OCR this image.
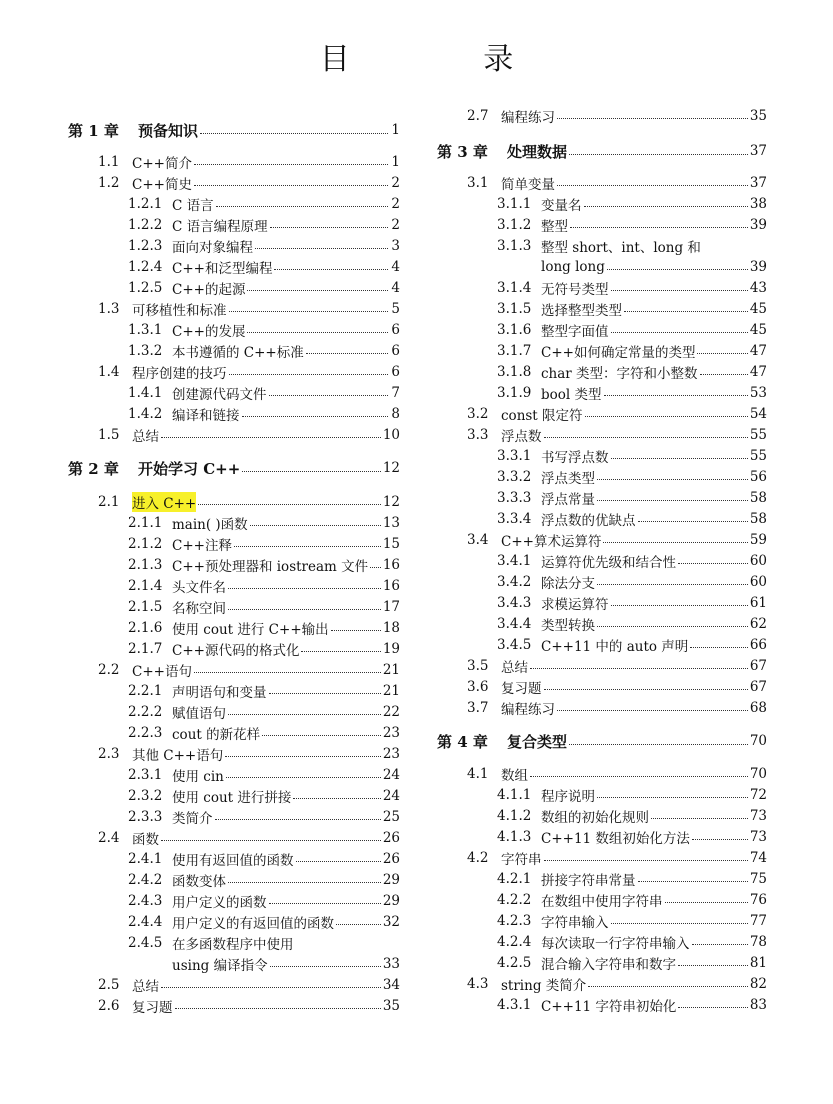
目 录
第 1 章	预备知识	1
1.1 C++简介	1
1.2 C++简史	2
1.2.1 C 语言	2
1.2.2 C 语言编程原理	2
1.2.3 面向对象编程	3
1.2.4 C++和泛型编程	4
1.2.5 C++的起源	4
1.3 可移植性和标准	5
1.3.1 C++的发展	6
1.3.2 本书遵循的 C++标准	6
1.4 程序创建的技巧	6
1.4.1 创建源代码文件	7
1.4.2 编译和链接	8
1.5 总结	10
第 2 章	开始学习 C++	12
2.1 进入 C++	12
2.1.1 main( )函数	13
2.1.2 C++注释	15
2.1.3 C++预处理器和 iostream 文件 16
2.1.4 头文件名	16
2.1.5 名称空间	17
2.1.6 使用 cout 进行 C++输出	18
2.1.7 C++源代码的格式化	19
2.2 C++语句	21
2.2.1 声明语句和变量	21
2.2.2 赋值语句	22
2.2.3 cout 的新花样	23
2.3 其他 C++语句	23
2.3.1 使用 cin	24
2.3.2 使用 cout 进行拼接	24
2.3.3 类简介	25
2.4 函数	26
2.4.1 使用有返回值的函数	26
2.4.2 函数变体	29
2.4.3 用户定义的函数	29
2.4.4 用户定义的有返回值的函数	32
2.4.5 在多函数程序中使用
using 编译指令	33
2.5 总结	34
2.6 复习题	35
2.7 编程练习	35
第 3 章	处理数据	37
3.1 简单变量	37
3.1.1 变量名	38
3.1.2 整型	39
3.1.3 整型 short、int、long 和
long long	39
3.1.4 无符号类型	43
3.1.5 选择整型类型	45
3.1.6 整型字面值	45
3.1.7 C++如何确定常量的类型	47
3.1.8 char 类型：字符和小整数	47
3.1.9 bool 类型	53
3.2 const 限定符	54
3.3 浮点数	55
3.3.1 书写浮点数	55
3.3.2 浮点类型	56
3.3.3 浮点常量	58
3.3.4 浮点数的优缺点	58
3.4 C++算术运算符	59
3.4.1 运算符优先级和结合性	60
3.4.2 除法分支	60
3.4.3 求模运算符	61
3.4.4 类型转换	62
3.4.5 C++11 中的 auto 声明	66
3.5 总结	67
3.6 复习题	67
3.7 编程练习	68
第 4 章	复合类型	70
4.1 数组	70
4.1.1 程序说明	72
4.1.2 数组的初始化规则	73
4.1.3 C++11 数组初始化方法	73
4.2 字符串	74
4.2.1 拼接字符串常量	75
4.2.2 在数组中使用字符串	76
4.2.3 字符串输入	77
4.2.4 每次读取一行字符串输入	78
4.2.5 混合输入字符串和数字	81
4.3 string 类简介	82
4.3.1 C++11 字符串初始化	83
